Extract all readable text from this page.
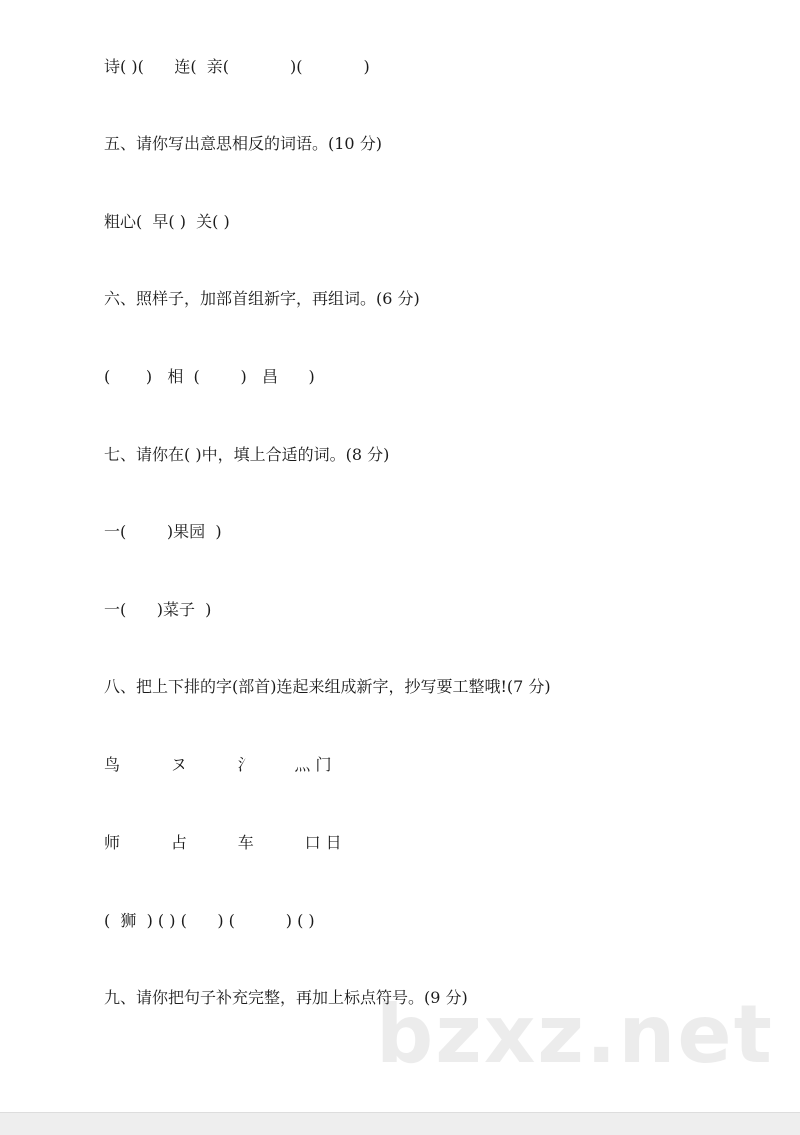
诗( )(      连(  亲(            )(            )
五、请你写出意思相反的词语。(10 分)
粗心(  早( )  关( )
六、照样子，加部首组新字，再组词。(6 分)
(       )   相  (        )   昌      )
七、请你在( )中，填上合适的词。(8 分)
一(        )果园  )
一(      )菜子  )
八、把上下排的字(部首)连起来组成新字，抄写要工整哦!(7 分)
鸟          ヌ          氵        灬 门
师          占          车          口 日
(  狮  ) ( ) (      ) (          ) ( )
九、请你把句子补充完整，再加上标点符号。(9 分)
bzxz.net
